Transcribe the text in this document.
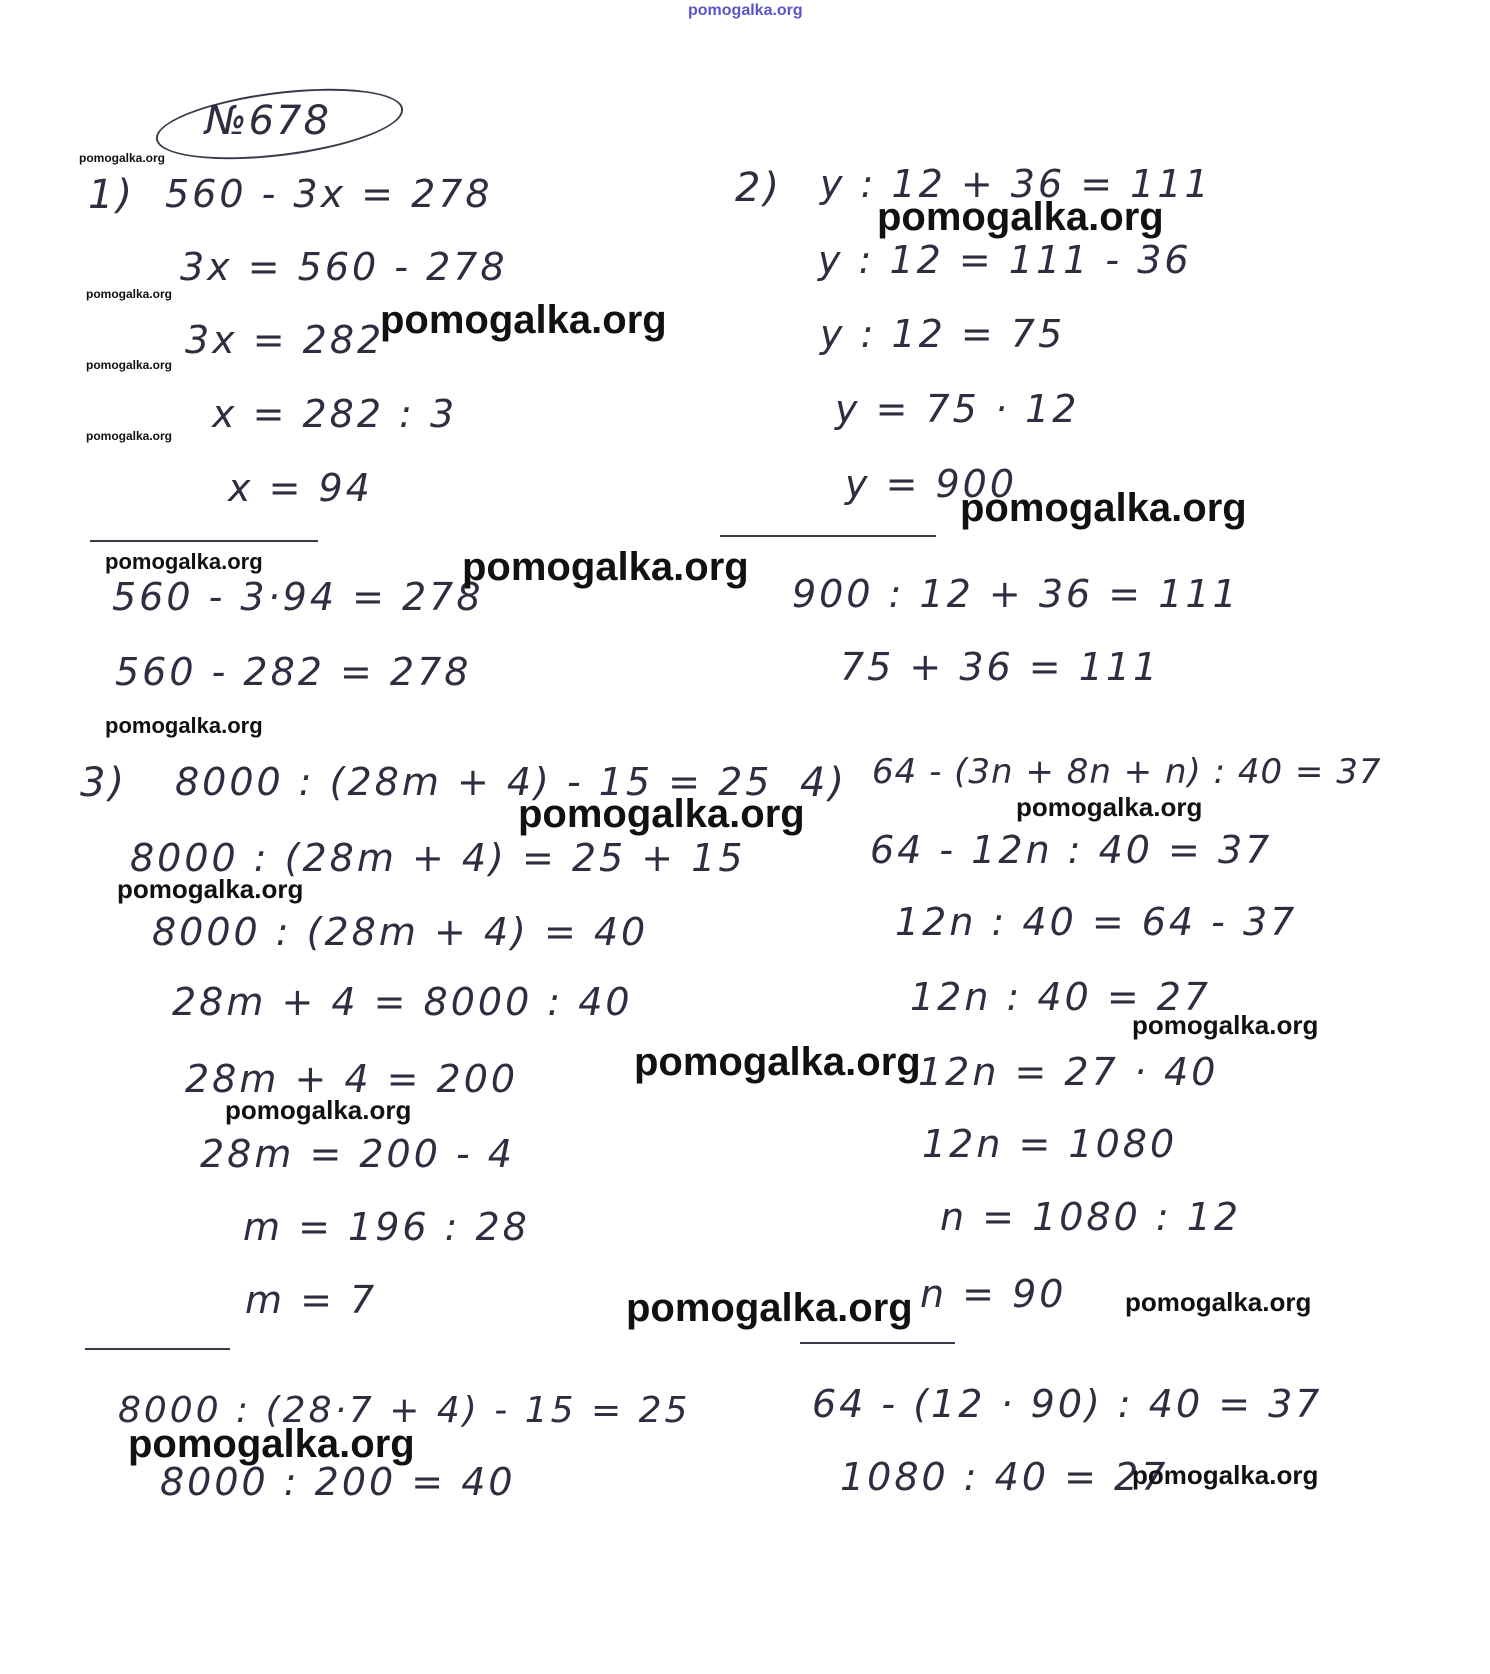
pomogalka.org
№678
1) 560 - 3x = 278
3x = 560 - 278
3x = 282
x = 282 : 3
x = 94
560 - 3·94 = 278
560 - 282 = 278
2) y : 12 + 36 = 111
y : 12 = 111 - 36
y : 12 = 75
y = 75 · 12
y = 900
900 : 12 + 36 = 111
75 + 36 = 111
3) 8000 : (28m + 4) - 15 = 25
8000 : (28m + 4) = 25 + 15
8000 : (28m + 4) = 40
28m + 4 = 8000 : 40
28m + 4 = 200
28m = 200 - 4
m = 196 : 28
m = 7
8000 : (28·7 + 4) - 15 = 25
8000 : 200 = 40
4) 64 - (3n + 8n + n) : 40 = 37
64 - 12n : 40 = 37
12n : 40 = 64 - 37
12n : 40 = 27
12n = 27 · 40
12n = 1080
n = 1080 : 12
n = 90
64 - (12 · 90) : 40 = 37
1080 : 40 = 27
pomogalka.org
pomogalka.org
pomogalka.org
pomogalka.org
pomogalka.org
pomogalka.org
pomogalka.org
pomogalka.org	pomogalka.org
pomogalka.org
pomogalka.org
pomogalka.org
pomogalka.org
pomogalka.org
pomogalka.org
pomogalka.org
pomogalka.org	pomogalka.org
pomogalka.org
pomogalka.org
